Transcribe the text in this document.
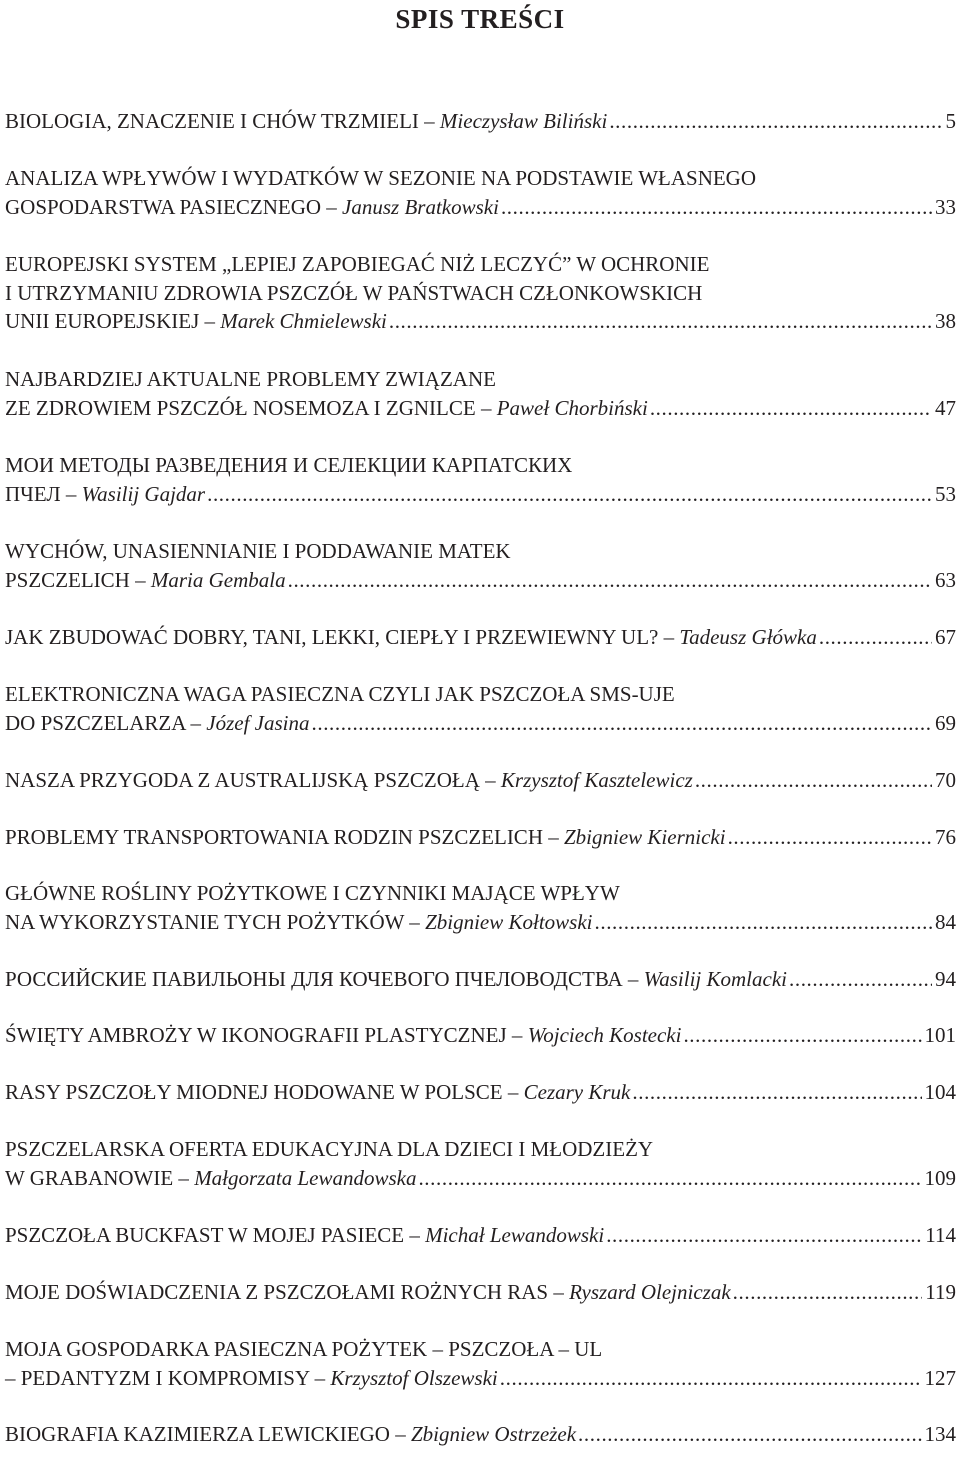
SPIS TREŚCI
BIOLOGIA, ZNACZENIE I CHÓW TRZMIELI – Mieczysław Biliński .....	5
ANALIZA WPŁYWÓW I WYDATKÓW W SEZONIE NA PODSTAWIE WŁASNEGO
GOSPODARSTWA PASIECZNEGO – Janusz Bratkowski .....	33
EUROPEJSKI SYSTEM „LEPIEJ ZAPOBIEGAĆ NIŻ LECZYĆ” W OCHRONIE
I UTRZYMANIU ZDROWIA PSZCZÓŁ W PAŃSTWACH CZŁONKOWSKICH
UNII EUROPEJSKIEJ – Marek Chmielewski .....	38
NAJBARDZIEJ AKTUALNE PROBLEMY ZWIĄZANE
ZE ZDROWIEM PSZCZÓŁ NOSEMOZA I ZGNILCE – Paweł Chorbiński .....	47
МОИ МЕТОДЫ РАЗВЕДЕНИЯ И СЕЛЕКЦИИ КАРПАТСКИХ
ПЧЕЛ – Wasilij Gajdar .....	53
WYCHÓW, UNASIENNIANIE I PODDAWANIE MATEK
PSZCZELICH – Maria Gembala .....	63
JAK ZBUDOWAĆ DOBRY, TANI, LEKKI, CIEPŁY I PRZEWIEWNY UL? – Tadeusz Główka .....	67
ELEKTRONICZNA WAGA PASIECZNA CZYLI JAK PSZCZOŁA SMS-UJE
DO PSZCZELARZA – Józef Jasina .....	69
NASZA PRZYGODA Z AUSTRALIJSKĄ PSZCZOŁĄ – Krzysztof Kasztelewicz .....	70
PROBLEMY TRANSPORTOWANIA RODZIN PSZCZELICH – Zbigniew Kiernicki .....	76
GŁÓWNE ROŚLINY POŻYTKOWE I CZYNNIKI MAJĄCE WPŁYW
NA WYKORZYSTANIE TYCH POŻYTKÓW – Zbigniew Kołtowski .....	84
РОССИЙСКИЕ ПАВИЛЬОНЫ ДЛЯ КОЧЕВОГО ПЧЕЛОВОДСТВА – Wasilij Komlacki .....	94
ŚWIĘTY AMBROŻY W IKONOGRAFII PLASTYCZNEJ – Wojciech Kostecki .....	101
RASY PSZCZOŁY MIODNEJ HODOWANE W POLSCE – Cezary Kruk .....	104
PSZCZELARSKA OFERTA EDUKACYJNA DLA DZIECI I MŁODZIEŻY
W GRABANOWIE – Małgorzata Lewandowska .....	109
PSZCZOŁA BUCKFAST W MOJEJ PASIECE – Michał Lewandowski .....	114
MOJE DOŚWIADCZENIA Z PSZCZOŁAMI ROŻNYCH RAS – Ryszard Olejniczak .....	119
MOJA GOSPODARKA PASIECZNA POŻYTEK – PSZCZOŁA – UL
– PEDANTYZM I KOMPROMISY – Krzysztof Olszewski .....	127
BIOGRAFIA KAZIMIERZA LEWICKIEGO – Zbigniew Ostrzeżek .....	134
